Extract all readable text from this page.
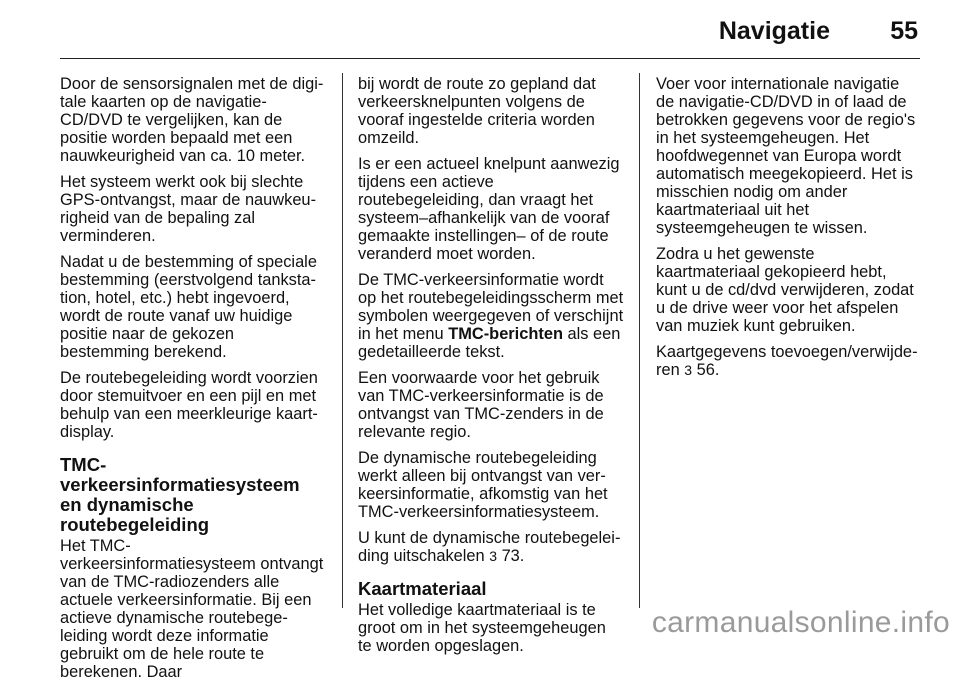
Navigatie 55

Door de sensorsignalen met de digitale kaarten op de navigatie-CD/DVD te vergelijken, kan de positie worden bepaald met een nauwkeurigheid van ca. 10 meter.

Het systeem werkt ook bij slechte GPS-ontvangst, maar de nauwkeurigheid van de bepaling zal verminderen.

Nadat u de bestemming of speciale bestemming (eerstvolgend tankstation, hotel, etc.) hebt ingevoerd, wordt de route vanaf uw huidige positie naar de gekozen bestemming berekend.

De routebegeleiding wordt voorzien door stemuitvoer en een pijl en met behulp van een meerkleurige kaartdisplay.

TMC-verkeersinformatiesysteem en dynamische routebegeleiding

Het TMC-verkeersinformatiesysteem ontvangt van de TMC-radiozenders alle actuele verkeersinformatie. Bij een actieve dynamische routebegeleiding wordt deze informatie gebruikt om de hele route te berekenen. Daar

bij wordt de route zo gepland dat verkeersknelpunten volgens de vooraf ingestelde criteria worden omzeild.

Is er een actueel knelpunt aanwezig tijdens een actieve routebegeleiding, dan vraagt het systeem–afhankelijk van de vooraf gemaakte instellingen– of de route veranderd moet worden.

De TMC-verkeersinformatie wordt op het routebegeleidingsscherm met symbolen weergegeven of verschijnt in het menu TMC-berichten als een gedetailleerde tekst.

Een voorwaarde voor het gebruik van TMC-verkeersinformatie is de ontvangst van TMC-zenders in de relevante regio.

De dynamische routebegeleiding werkt alleen bij ontvangst van verkeersinformatie, afkomstig van het TMC-verkeersinformatiesysteem.

U kunt de dynamische routebegeleiding uitschakelen 3 73.

Kaartmateriaal

Het volledige kaartmateriaal is te groot om in het systeemgeheugen te worden opgeslagen.

Voer voor internationale navigatie de navigatie-CD/DVD in of laad de betrokken gegevens voor de regio's in het systeemgeheugen. Het hoofdwegennet van Europa wordt automatisch meegekopieerd. Het is misschien nodig om ander kaartmateriaal uit het systeemgeheugen te wissen.

Zodra u het gewenste kaartmateriaal gekopieerd hebt, kunt u de cd/dvd verwijderen, zodat u de drive weer voor het afspelen van muziek kunt gebruiken.

Kaartgegevens toevoegen/verwijderen 3 56.

carmanualsonline.info
